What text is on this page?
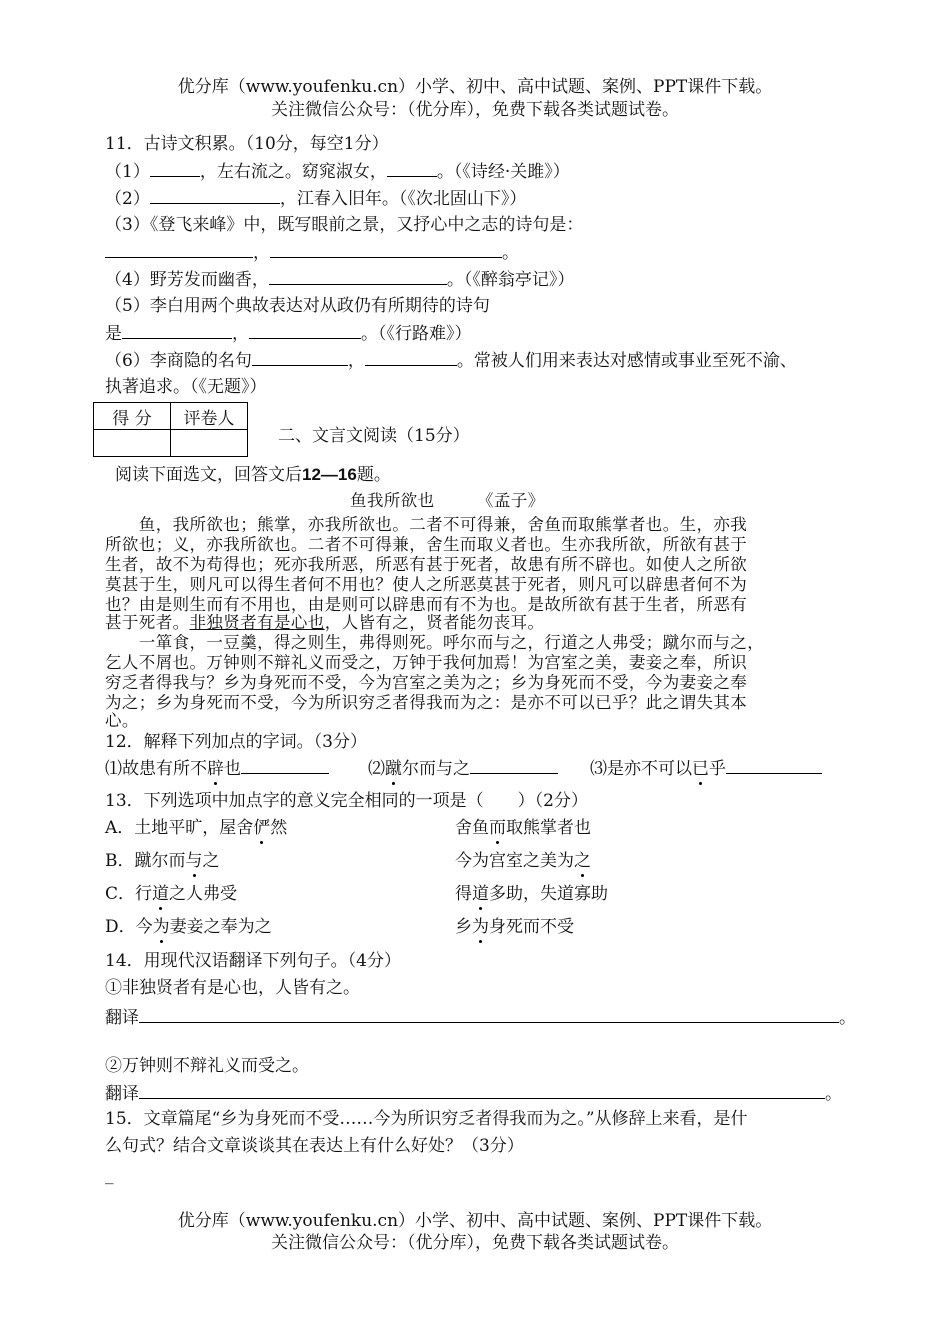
优分库（www.youfenku.cn）小学、初中、高中试题、案例、PPT课件下载。
关注微信公众号：（优分库），免费下载各类试题试卷。
11．古诗文积累。（10分，每空1分）
（1）	，左右流之。窈窕淑女，	。（《诗经·关雎》）
（2）	，江春入旧年。（《次北固山下》）
（3）《登飞来峰》中，既写眼前之景，又抒心中之志的诗句是：
，	。
（4）野芳发而幽香，	。（《醉翁亭记》）
（5）李白用两个典故表达对从政仍有所期待的诗句
是	，	。（《行路难》）
（6）李商隐的名句	，	。常被人们用来表达对感情或事业至死不渝、
执著追求。（《无题》）
得 分	评卷人

二、文言文阅读（15分）
阅读下面选文，回答文后12—16题。
鱼我所欲也　　　《孟子》
　　鱼，我所欲也；熊掌，亦我所欲也。二者不可得兼，舍鱼而取熊掌者也。生，亦我
所欲也；义，亦我所欲也。二者不可得兼，舍生而取义者也。生亦我所欲，所欲有甚于
生者，故不为苟得也；死亦我所恶，所恶有甚于死者，故患有所不辟也。如使人之所欲
莫甚于生，则凡可以得生者何不用也？使人之所恶莫甚于死者，则凡可以辟患者何不为
也？由是则生而有不用也，由是则可以辟患而有不为也。是故所欲有甚于生者，所恶有
甚于死者。非独贤者有是心也，人皆有之，贤者能勿丧耳。
　　一箪食，一豆羹，得之则生，弗得则死。呼尔而与之，行道之人弗受；蹴尔而与之，
乞人不屑也。万钟则不辩礼义而受之，万钟于我何加焉！为宫室之美，妻妾之奉，所识
穷乏者得我与？乡为身死而不受，今为宫室之美为之；乡为身死而不受，今为妻妾之奉
为之；乡为身死而不受，今为所识穷乏者得我而为之：是亦不可以已乎？此之谓失其本
心。
12．解释下列加点的字词。（3分）
⑴故患有所不辟也	⑵蹴尔而与之	⑶是亦不可以已乎
13．下列选项中加点字的意义完全相同的一项是（　　）（2分）
A．土地平旷，屋舍俨然	舍鱼而取熊掌者也
B．蹴尔而与之	今为宫室之美为之
C．行道之人弗受	得道多助，失道寡助
D．今为妻妾之奉为之	乡为身死而不受
14．用现代汉语翻译下列句子。（4分）
①非独贤者有是心也，人皆有之。
翻译	。
②万钟则不辩礼义而受之。
翻译	。
15．文章篇尾“乡为身死而不受……今为所识穷乏者得我而为之。”从修辞上来看，是什
么句式？结合文章谈谈其在表达上有什么好处？（3分）
_
优分库（www.youfenku.cn）小学、初中、高中试题、案例、PPT课件下载。
关注微信公众号：（优分库），免费下载各类试题试卷。
